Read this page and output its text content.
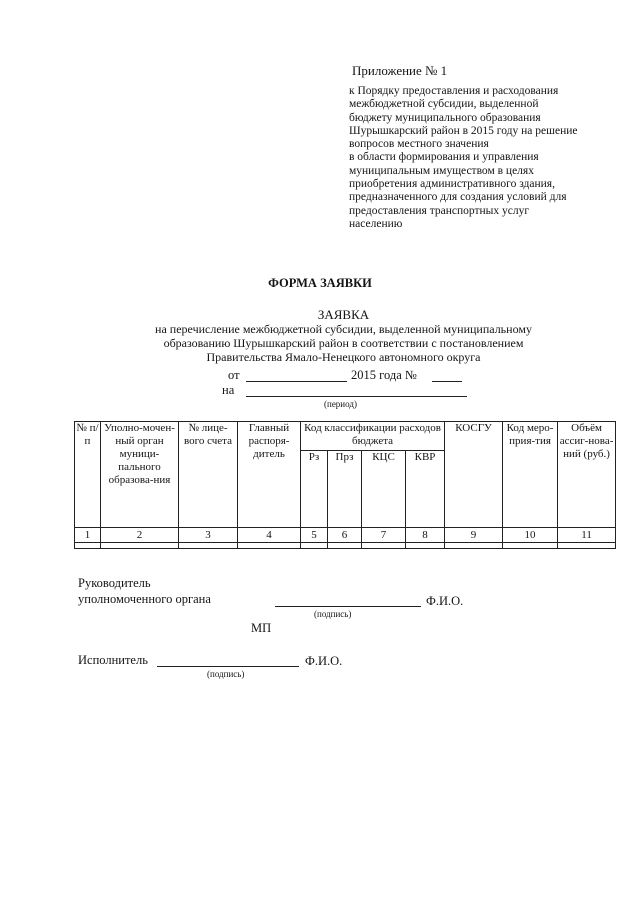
Приложение № 1
к Порядку предоставления и расходования
межбюджетной субсидии, выделенной
бюджету муниципального образования
Шурышкарский район в 2015 году на решение
вопросов местного значения
в области формирования и управления
муниципальным имуществом в целях
приобретения административного здания,
предназначенного для создания условий для
предоставления транспортных услуг
населению
ФОРМА ЗАЯВКИ
ЗАЯВКА
на перечисление межбюджетной субсидии, выделенной муниципальному
образованию Шурышкарский район в соответствии с постановлением
Правительства Ямало-Ненецкого автономного округа
от	2015 года №
на
(период)
№ п/п	Уполно-мочен-ный орган муници-пального образова-ния	№ лице-вого счета	Главный распоря-дитель	Код классификации расходов бюджета				КОСГУ	Код меро-прия-тия	Объём ассиг-нова-ний (руб.)
				Рз	Прз	КЦС	КВР			
1	2	3	4	5	6	7	8	9	10	11

Руководитель
уполномоченного органа	Ф.И.О.
(подпись)
МП
Исполнитель	Ф.И.О.
(подпись)
